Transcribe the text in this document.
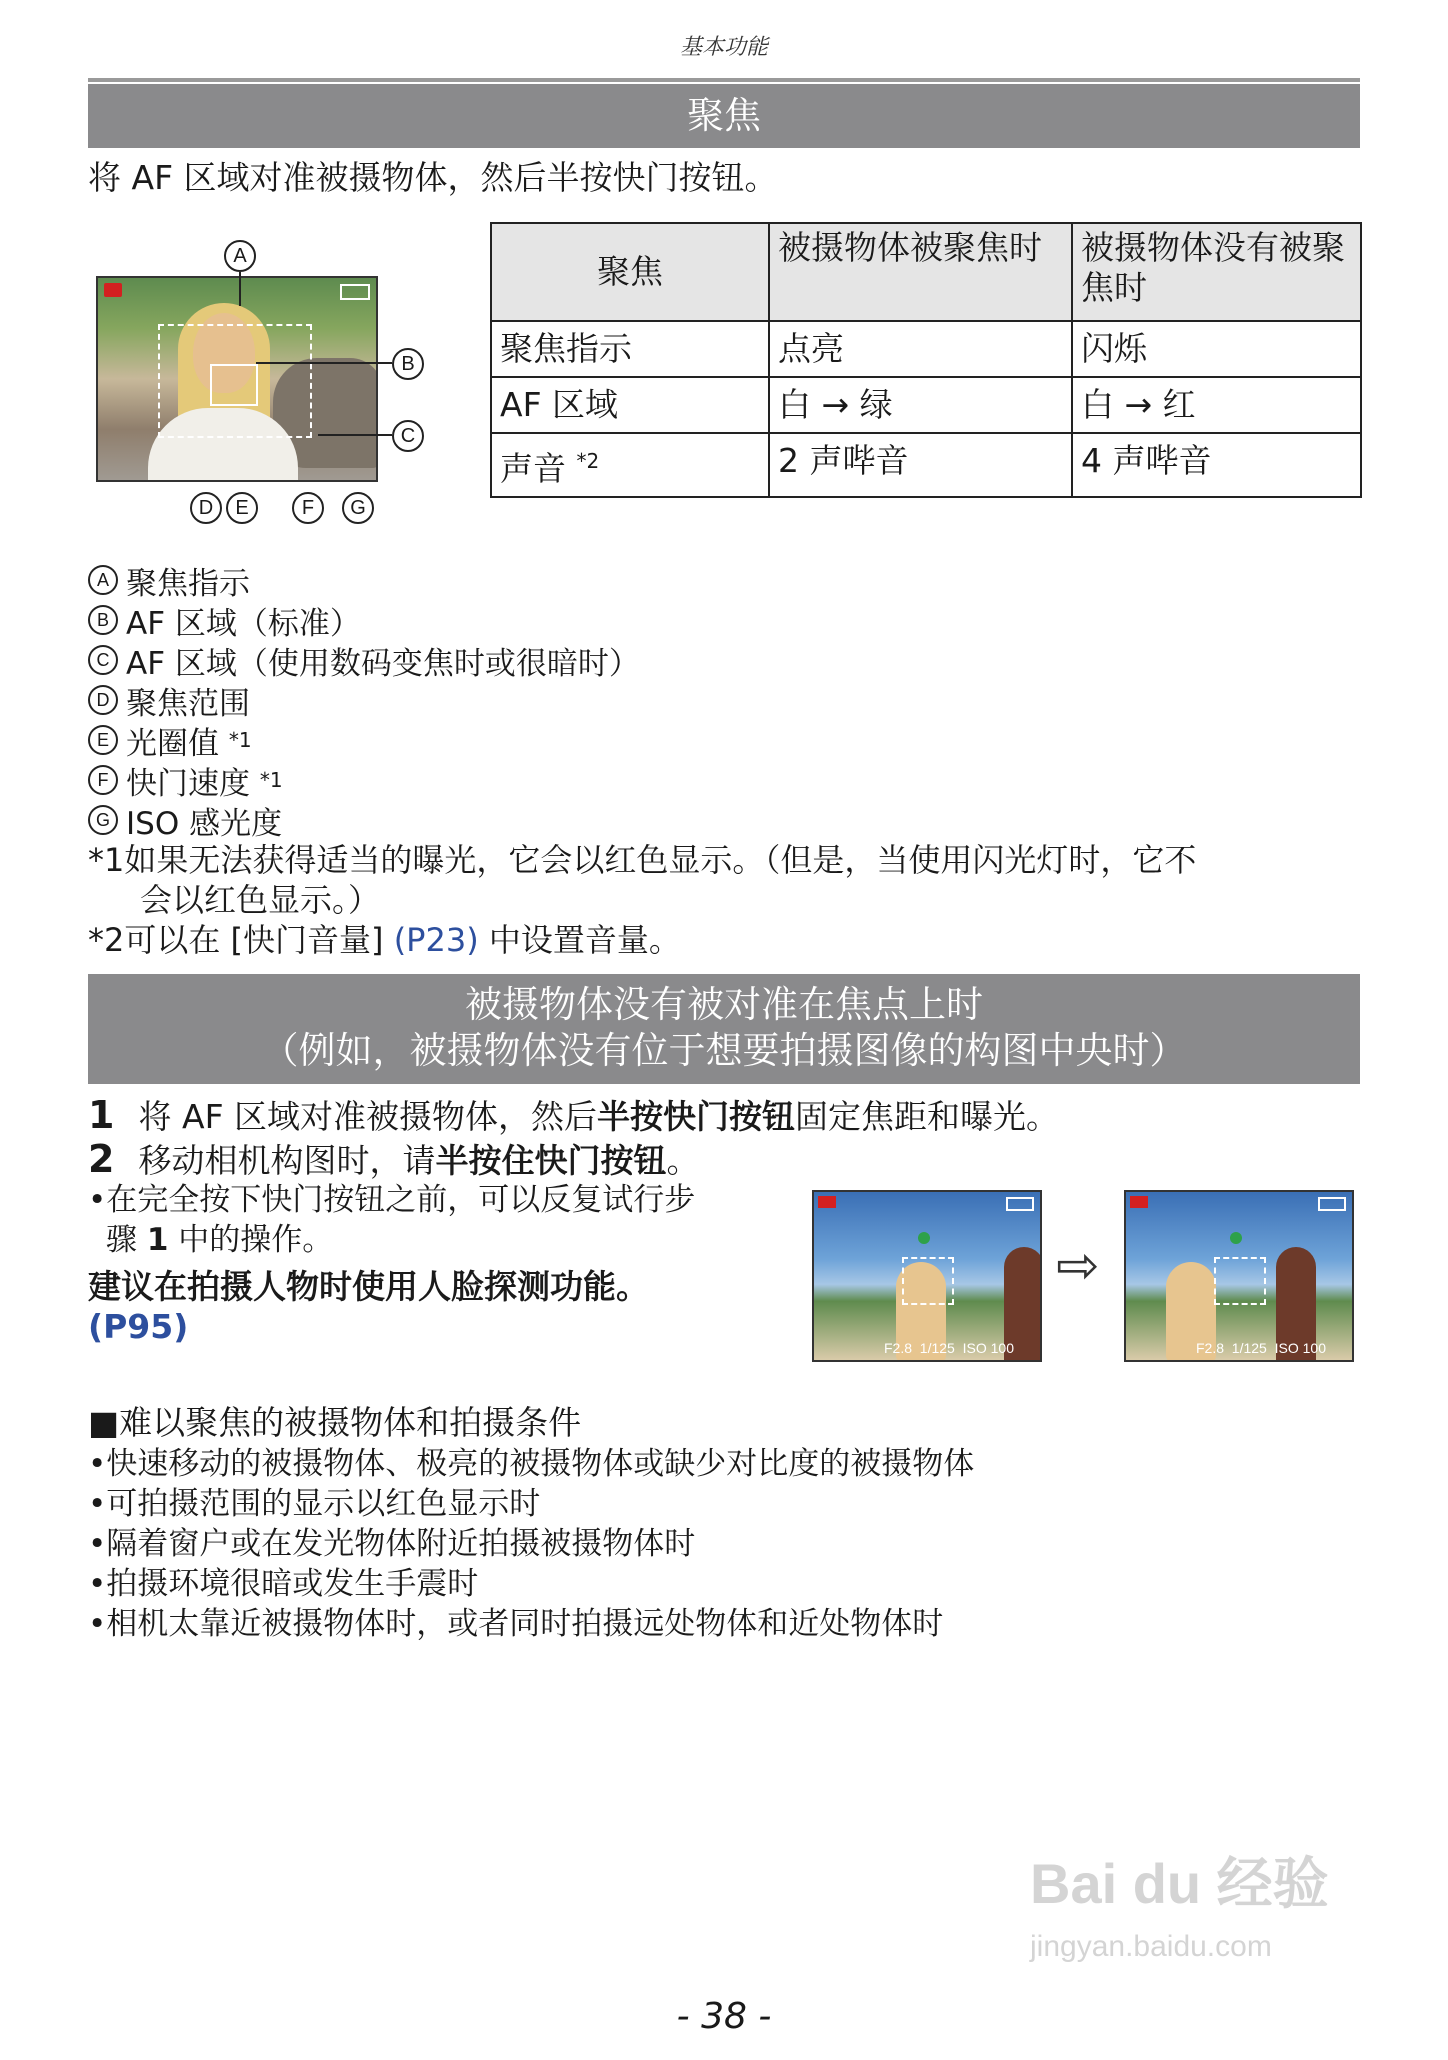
基本功能
聚焦
将 AF 区域对准被摄物体，然后半按快门按钮。
A
B
C
D	E	F	G
聚焦	被摄物体被聚焦时	被摄物体没有被聚焦时
聚焦指示	点亮	闪烁
AF 区域	白 → 绿	白 → 红
声音 $^{*2}$	2 声哔音	4 声哔音
A 聚焦指示
B AF 区域（标准）
C AF 区域（使用数码变焦时或很暗时）
D 聚焦范围
E 光圈值
*1
F 快门速度
*1
G ISO 感光度
*1如果无法获得适当的曝光，它会以红色显示。（但是，当使用闪光灯时，它不
会以红色显示。）
*2可以在 [快门音量] (P23) 中设置音量。
被摄物体没有被对准在焦点上时
（例如，被摄物体没有位于想要拍摄图像的构图中央时）
1 将 AF 区域对准被摄物体，然后半按快门按钮固定焦距和曝光。
2 移动相机构图时，请半按住快门按钮。
•在完全按下快门按钮之前，可以反复试行步
骤 1 中的操作。
建议在拍摄人物时使用人脸探测功能。
(P95)
F2.8 1/125 ISO 100
⇨
F2.8 1/125 ISO 100
■难以聚焦的被摄物体和拍摄条件
•快速移动的被摄物体、极亮的被摄物体或缺少对比度的被摄物体
•可拍摄范围的显示以红色显示时
•隔着窗户或在发光物体附近拍摄被摄物体时
•拍摄环境很暗或发生手震时
•相机太靠近被摄物体时，或者同时拍摄远处物体和近处物体时
Bai du 经验
jingyan.baidu.com
- 38 -
